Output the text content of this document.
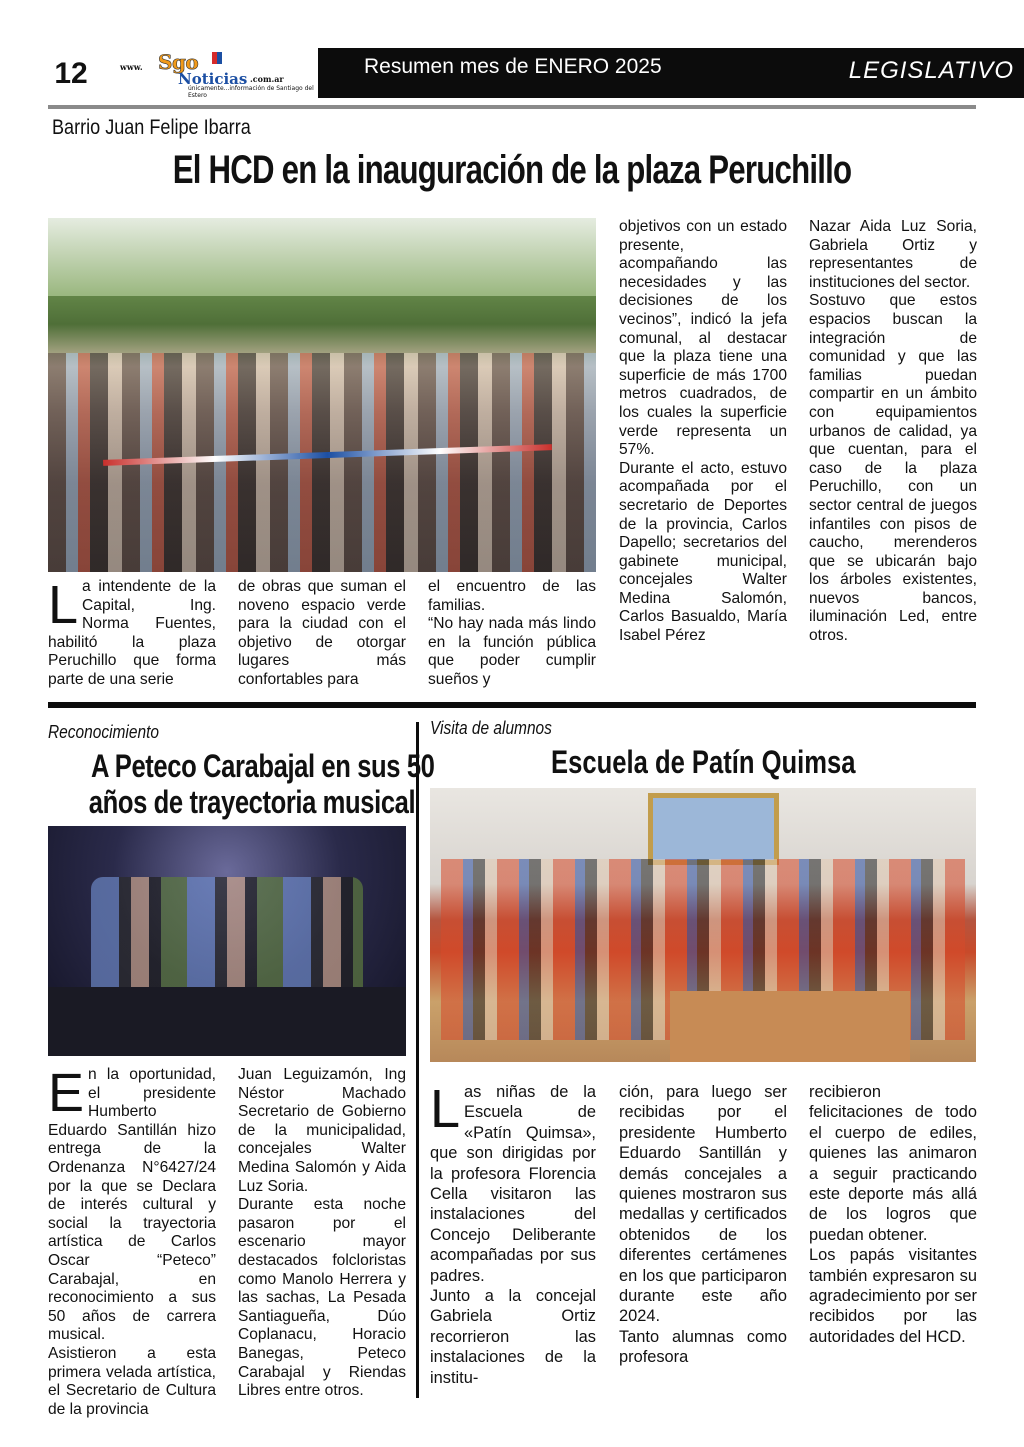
12	www. Sgo
Noticias .com.ar
únicamente...información de Santiago del Estero
Resumen mes de ENERO 2025	LEGISLATIVO
Barrio Juan Felipe Ibarra
El HCD en la inauguración de la plaza Peruchillo

La intendente de la Capital, Ing. Norma Fuentes, habilitó la plaza Peruchillo que forma parte de una serie

de obras que suman el noveno espacio verde para la ciudad con el objetivo de otorgar lugares más confortables para

el encuentro de las familias.

“No hay nada más lindo en la función pública que poder cumplir sueños y

objetivos con un estado presente, acompañando las necesidades y las decisiones de los vecinos”, indicó la jefa comunal, al destacar que la plaza tiene una superficie de más 1700 metros cuadrados, de los cuales la superficie verde representa un 57%.

Durante el acto, estuvo acompañada por el secretario de Deportes de la provincia, Carlos Dapello; secretarios del gabinete municipal, concejales Walter Medina Salomón, Carlos Basualdo, María Isabel Pérez

Nazar Aida Luz Soria, Gabriela Ortiz y representantes de instituciones del sector.

Sostuvo que estos espacios buscan la integración de comunidad y que las familias puedan compartir en un ámbito con equipamientos urbanos de calidad, ya que cuentan, para el caso de la plaza Peruchillo, con un sector central de juegos infantiles con pisos de caucho, merenderos que se ubicarán bajo los árboles existentes, nuevos bancos, iluminación Led, entre otros.

Reconocimiento
A Peteco Carabajal en sus 50
años de trayectoria musical

En la oportunidad, el presidente Humberto Eduardo Santillán hizo entrega de la Ordenanza N°6427/24 por la que se Declara de interés cultural y social la trayectoria artística de Carlos Oscar “Peteco” Carabajal, en reconocimiento a sus 50 años de carrera musical.

Asistieron a esta primera velada artística, el Secretario de Cultura de la provincia

Juan Leguizamón, Ing Néstor Machado Secretario de Gobierno de la municipalidad, concejales Walter Medina Salomón y Aida Luz Soria.

Durante esta noche pasaron por el escenario mayor destacados folcloristas como Manolo Herrera y las sachas, La Pesada Santiagueña, Dúo Coplanacu, Horacio Banegas, Peteco Carabajal y Riendas Libres entre otros.

Visita de alumnos
Escuela de Patín Quimsa

Las niñas de la Escuela de «Patín Quimsa», que son dirigidas por la profesora Florencia Cella visitaron las instalaciones del Concejo Deliberante acompañadas por sus padres.

Junto a la concejal Gabriela Ortiz recorrieron las instalaciones de la institu-

ción, para luego ser recibidas por el presidente Humberto Eduardo Santillán y demás concejales a quienes mostraron sus medallas y certificados obtenidos de los diferentes certámenes en los que participaron durante este año 2024.

Tanto alumnas como profesora

recibieron felicitaciones de todo el cuerpo de ediles, quienes las animaron a seguir practicando este deporte más allá de los logros que puedan obtener.

Los papás visitantes también expresaron su agradecimiento por ser recibidos por las autoridades del HCD.
